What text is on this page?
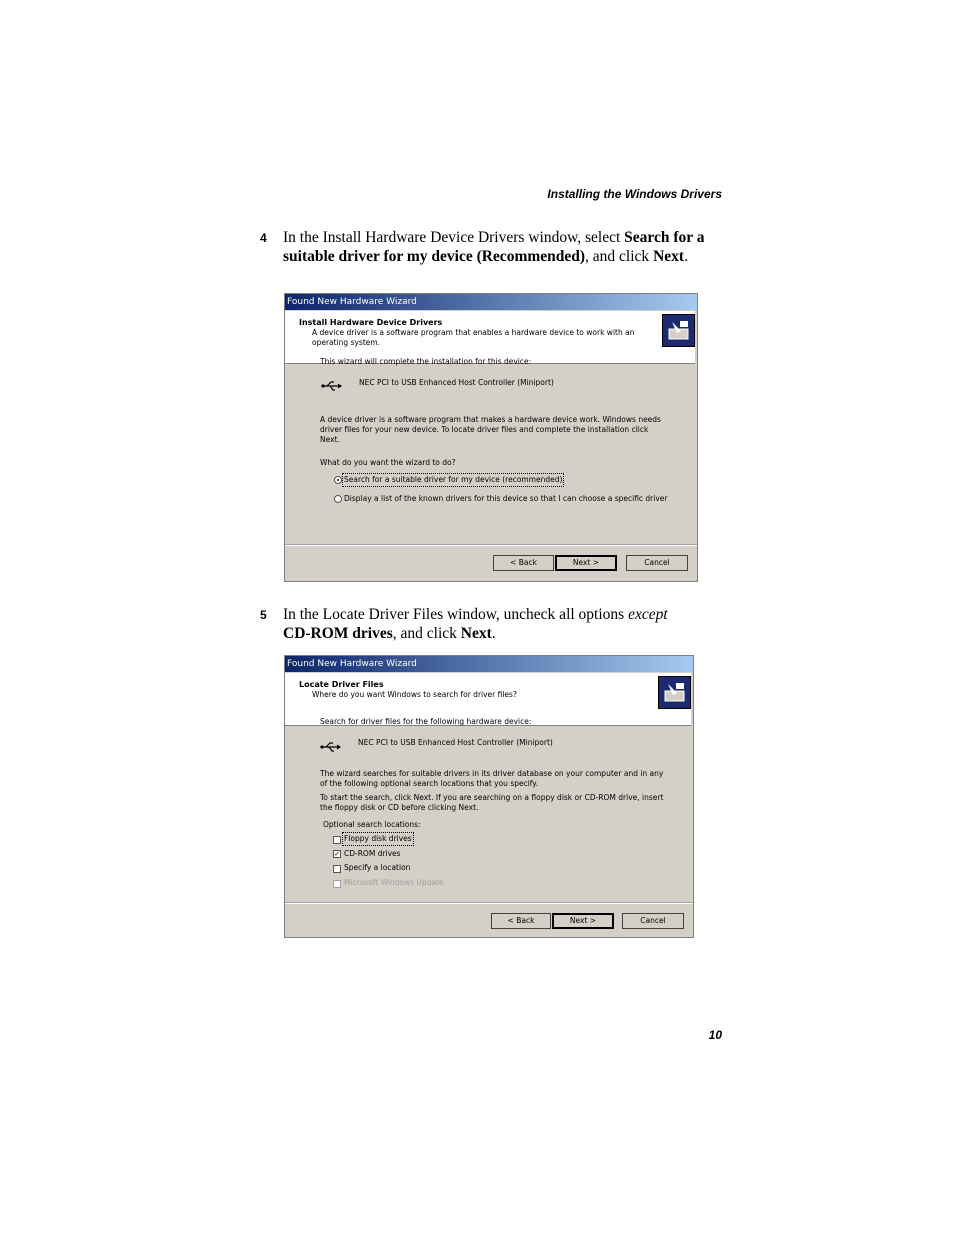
Installing the Windows Drivers
4 In the Install Hardware Device Drivers window, select Search for a suitable driver for my device (Recommended), and click Next.
Found New Hardware Wizard
Install Hardware Device Drivers
A device driver is a software program that enables a hardware device to work with an operating system.
This wizard will complete the installation for this device:
NEC PCI to USB Enhanced Host Controller (Miniport)
A device driver is a software program that makes a hardware device work. Windows needs driver files for your new device. To locate driver files and complete the installation click Next.
What do you want the wizard to do?
Search for a suitable driver for my device (recommended)
Display a list of the known drivers for this device so that I can choose a specific driver
< Back	Next >	Cancel
5 In the Locate Driver Files window, uncheck all options except
CD-ROM drives, and click Next.
Found New Hardware Wizard
Locate Driver Files
Where do you want Windows to search for driver files?
Search for driver files for the following hardware device:
NEC PCI to USB Enhanced Host Controller (Miniport)
The wizard searches for suitable drivers in its driver database on your computer and in any of the following optional search locations that you specify.
To start the search, click Next. If you are searching on a floppy disk or CD-ROM drive, insert the floppy disk or CD before clicking Next.
Optional search locations:
Floppy disk drives
✓ CD-ROM drives
Specify a location
Microsoft Windows Update
< Back	Next >	Cancel
10
